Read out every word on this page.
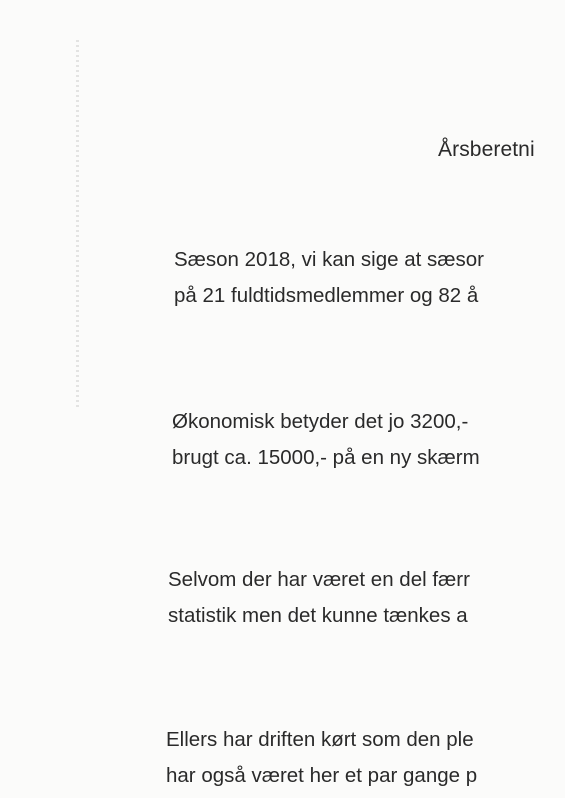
Årsberetni
Sæson 2018, vi kan sige at sæsor
på 21 fuldtidsmedlemmer og 82 å
Økonomisk betyder det jo 3200,-
brugt ca. 15000,- på en ny skærm
Selvom der har været en del færr
statistik men det kunne tænkes a
Ellers har driften kørt som den ple
har også været her et par gange p
